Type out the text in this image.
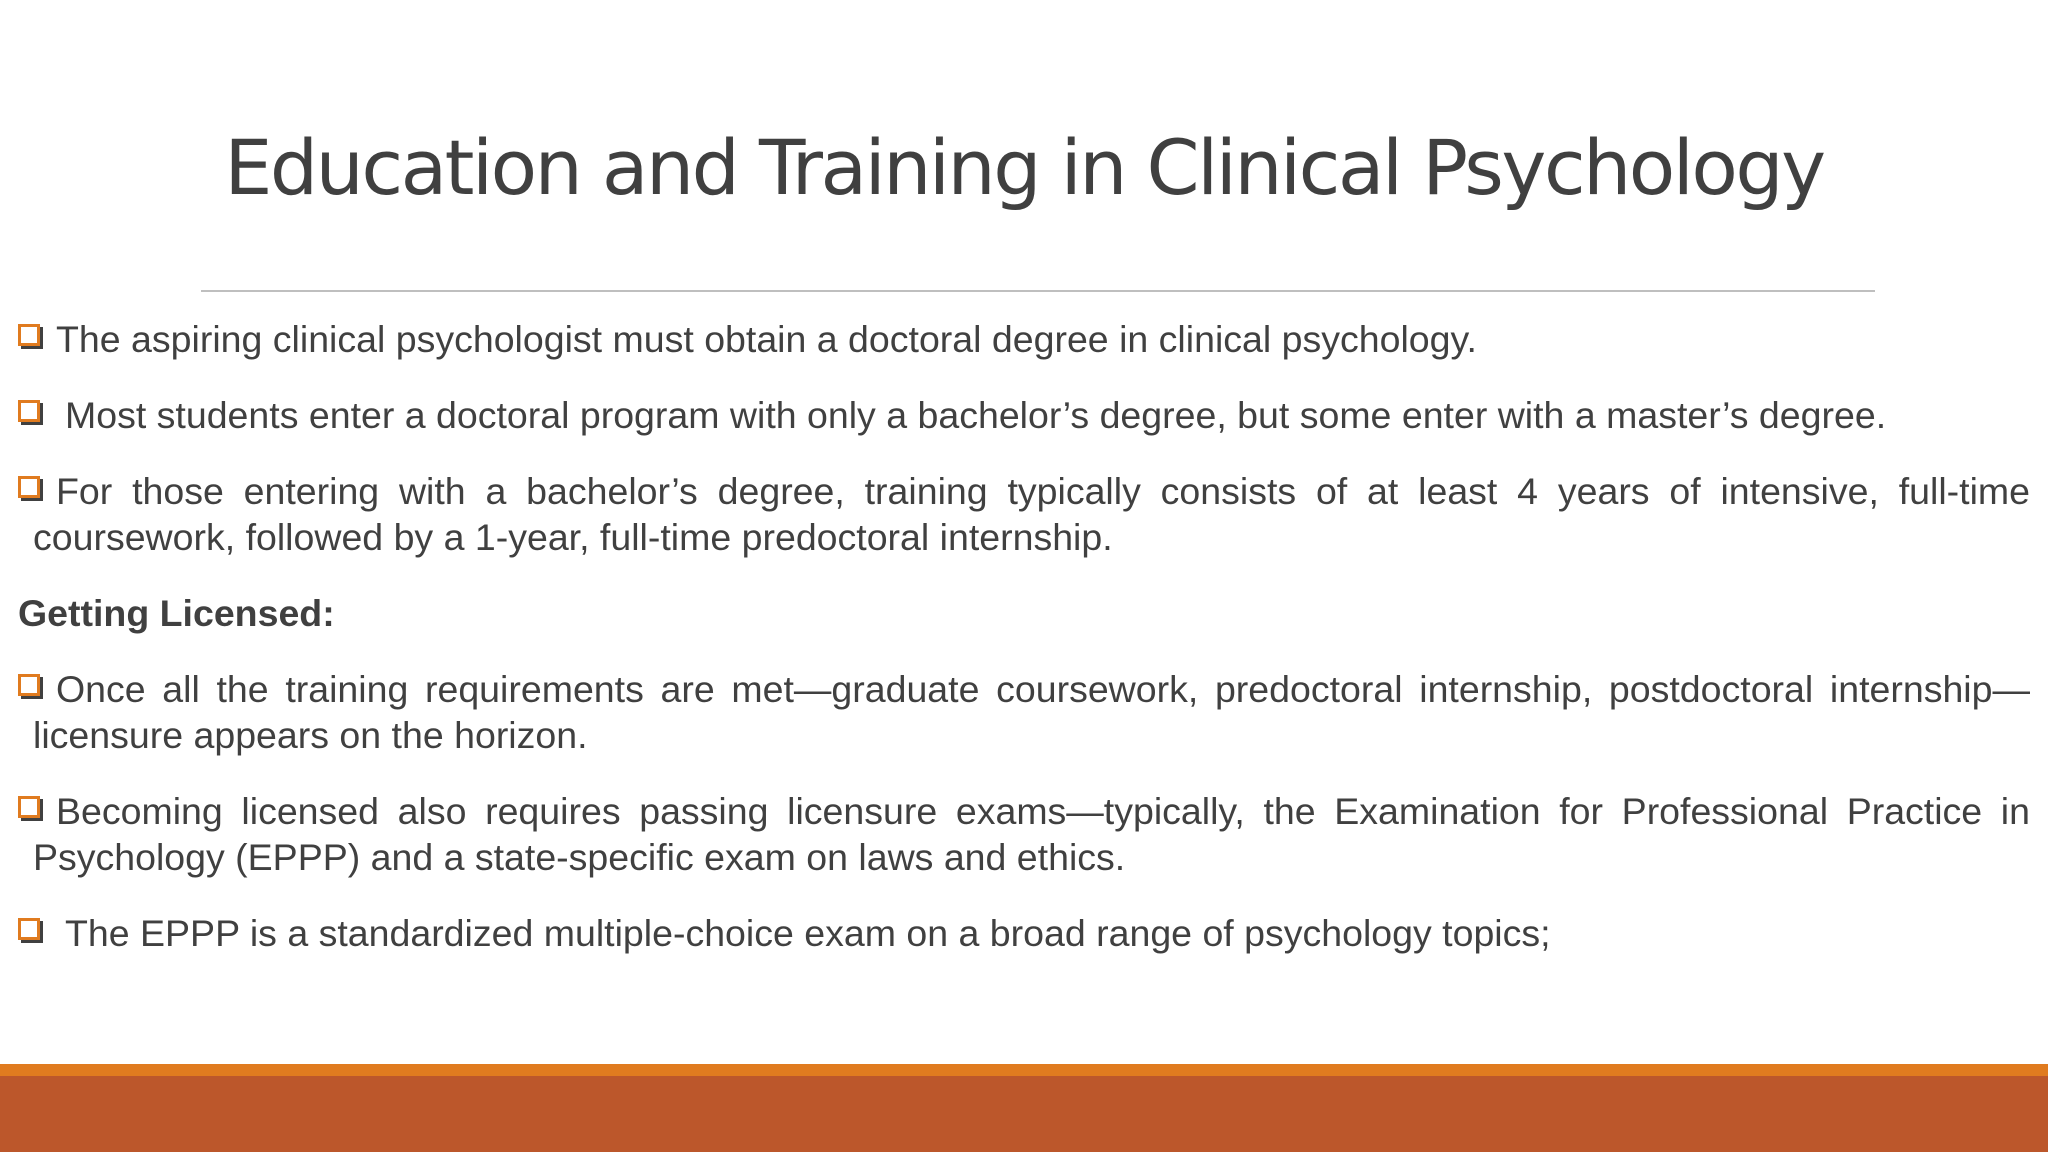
Education and Training in Clinical Psychology
The aspiring clinical psychologist must obtain a doctoral degree in clinical psychology.
Most students enter a doctoral program with only a bachelor’s degree, but some enter with a master’s degree.
For those entering with a bachelor’s degree, training typically consists of at least 4 years of intensive, full-time coursework, followed by a 1-year, full-time predoctoral internship.
Getting Licensed:
Once all the training requirements are met—graduate coursework, predoctoral internship, postdoctoral internship—licensure appears on the horizon.
Becoming licensed also requires passing licensure exams—typically, the Examination for Professional Practice in Psychology (EPPP) and a state-specific exam on laws and ethics.
The EPPP is a standardized multiple-choice exam on a broad range of psychology topics;
